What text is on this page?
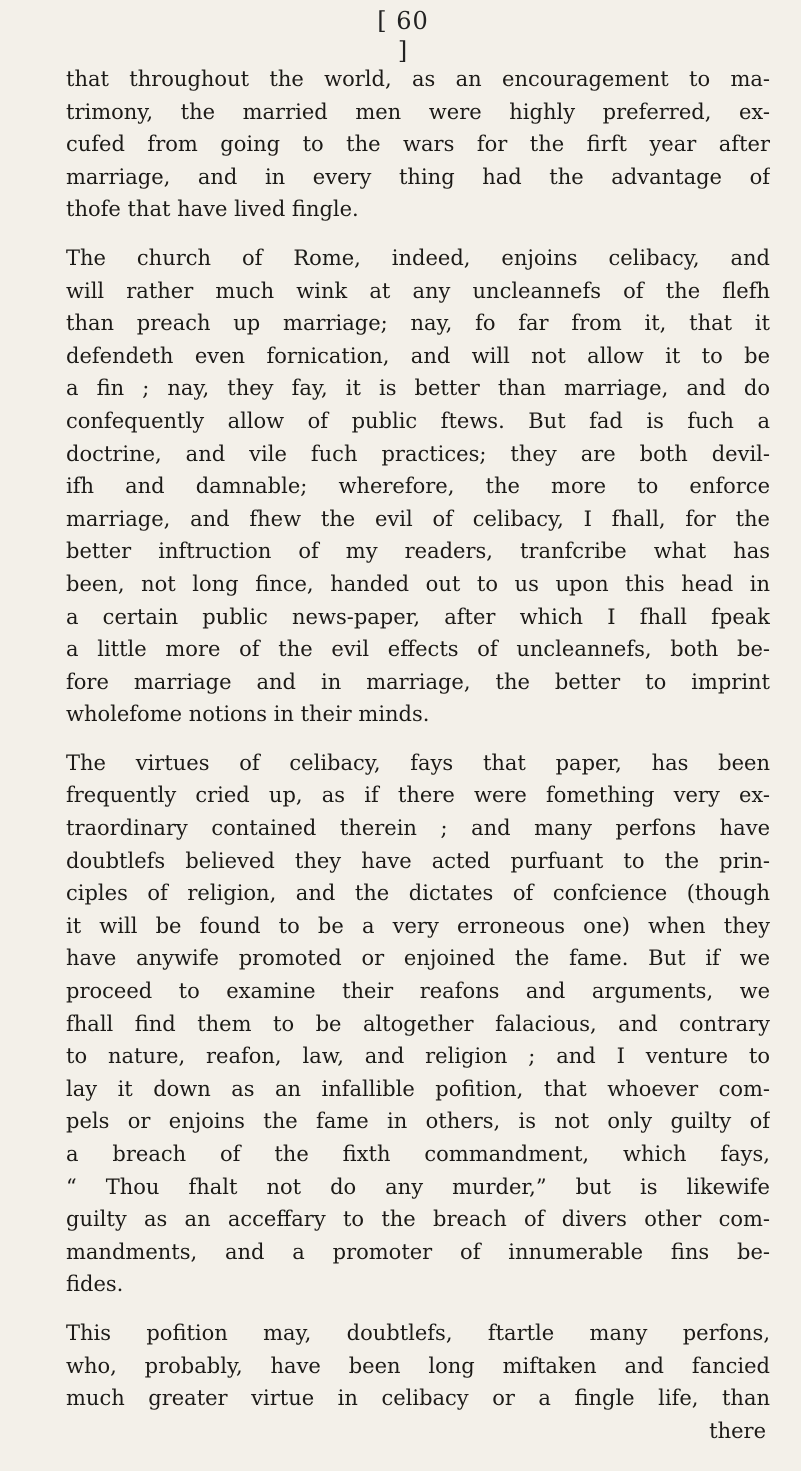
[ 60 ]
that throughout the world, as an encouragement to ma-
trimony, the married men were highly preferred, ex-
cufed from going to the wars for the firft year after
marriage, and in every thing had the advantage of
thofe that have lived fingle.
The church of Rome, indeed, enjoins celibacy, and
will rather much wink at any uncleannefs of the flefh
than preach up marriage; nay, fo far from it, that it
defendeth even fornication, and will not allow it to be
a fin ; nay, they fay, it is better than marriage, and do
confequently allow of public ftews. But fad is fuch a
doctrine, and vile fuch practices; they are both devil-
ifh and damnable; wherefore, the more to enforce
marriage, and fhew the evil of celibacy, I fhall, for the
better inftruction of my readers, tranfcribe what has
been, not long fince, handed out to us upon this head in
a certain public news-paper, after which I fhall fpeak
a little more of the evil effects of uncleannefs, both be-
fore marriage and in marriage, the better to imprint
wholefome notions in their minds.
The virtues of celibacy, fays that paper, has been
frequently cried up, as if there were fomething very ex-
traordinary contained therein ; and many perfons have
doubtlefs believed they have acted purfuant to the prin-
ciples of religion, and the dictates of confcience (though
it will be found to be a very erroneous one) when they
have anywife promoted or enjoined the fame. But if we
proceed to examine their reafons and arguments, we
fhall find them to be altogether falacious, and contrary
to nature, reafon, law, and religion ; and I venture to
lay it down as an infallible pofition, that whoever com-
pels or enjoins the fame in others, is not only guilty of
a breach of the fixth commandment, which fays,
“ Thou fhalt not do any murder,” but is likewife
guilty as an acceffary to the breach of divers other com-
mandments, and a promoter of innumerable fins be-
fides.
This pofition may, doubtlefs, ftartle many perfons,
who, probably, have been long miftaken and fancied
much greater virtue in celibacy or a fingle life, than
there
